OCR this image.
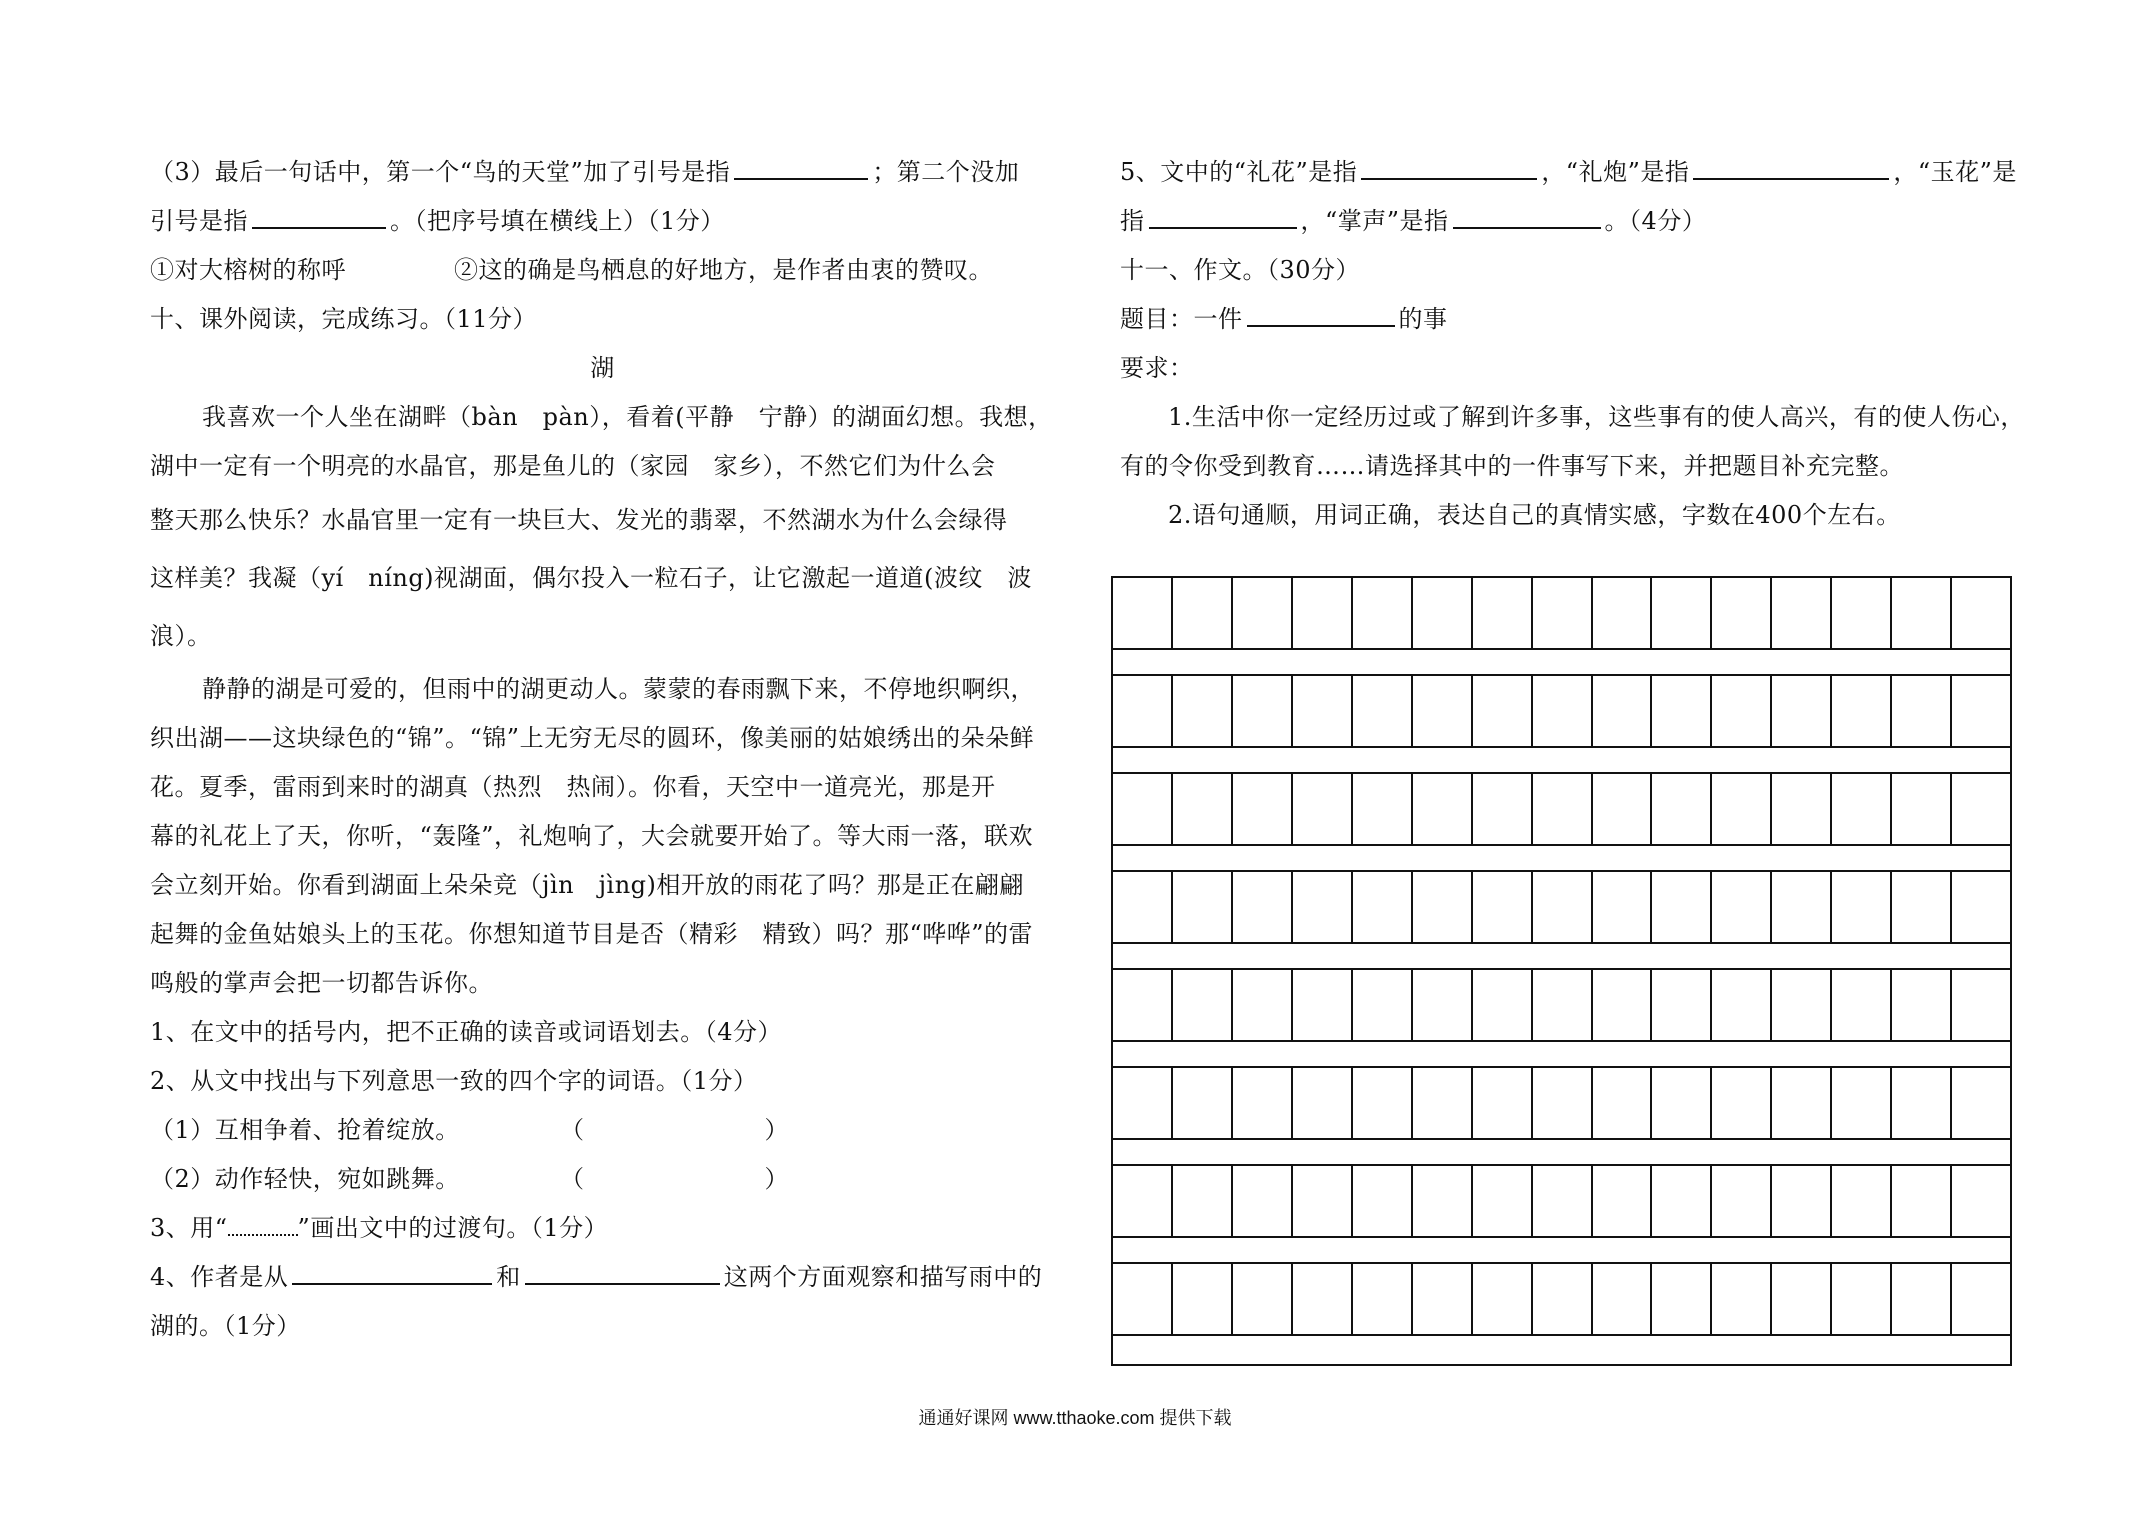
（3）最后一句话中，第一个“鸟的天堂”加了引号是指	；第二个没加
引号是指	。（把序号填在横线上）（1分）
①对大榕树的称呼	②这的确是鸟栖息的好地方，是作者由衷的赞叹。
十、课外阅读，完成练习。（11分）
湖
我喜欢一个人坐在湖畔（bàn　pàn），看着(平静　宁静）的湖面幻想。我想，
湖中一定有一个明亮的水晶官，那是鱼儿的（家园　家乡），不然它们为什么会
整天那么快乐？水晶官里一定有一块巨大、发光的翡翠，不然湖水为什么会绿得
这样美？我凝（yí　níng)视湖面，偶尔投入一粒石子，让它激起一道道(波纹　波
浪）。
静静的湖是可爱的，但雨中的湖更动人。蒙蒙的春雨飘下来，不停地织啊织，
织出湖——这块绿色的“锦”。“锦”上无穷无尽的圆环，像美丽的姑娘绣出的朵朵鲜
花。夏季，雷雨到来时的湖真（热烈　热闹）。你看，天空中一道亮光，那是开
幕的礼花上了天，你听，“轰隆”，礼炮响了，大会就要开始了。等大雨一落，联欢
会立刻开始。你看到湖面上朵朵竞（jìn　jìng)相开放的雨花了吗？那是正在翩翩
起舞的金鱼姑娘头上的玉花。你想知道节目是否（精彩　精致）吗？那“哗哗”的雷
鸣般的掌声会把一切都告诉你。
1、在文中的括号内，把不正确的读音或词语划去。（4分）
2、从文中找出与下列意思一致的四个字的词语。（1分）
（1）互相争着、抢着绽放。	（	）
（2）动作轻快，宛如跳舞。	（	）
3、用“	”画出文中的过渡句。（1分）
4、作者是从	和	这两个方面观察和描写雨中的
湖的。（1分）
5、文中的“礼花”是指	，“礼炮”是指	，“玉花”是
指	，“掌声”是指	。（4分）
十一、作文。（30分）
题目：一件	的事
要求：
1.生活中你一定经历过或了解到许多事，这些事有的使人高兴，有的使人伤心，
有的令你受到教育……请选择其中的一件事写下来，并把题目补充完整。
2.语句通顺，用词正确，表达自己的真情实感，字数在400个左右。
通通好课网 www.tthaoke.com 提供下载
